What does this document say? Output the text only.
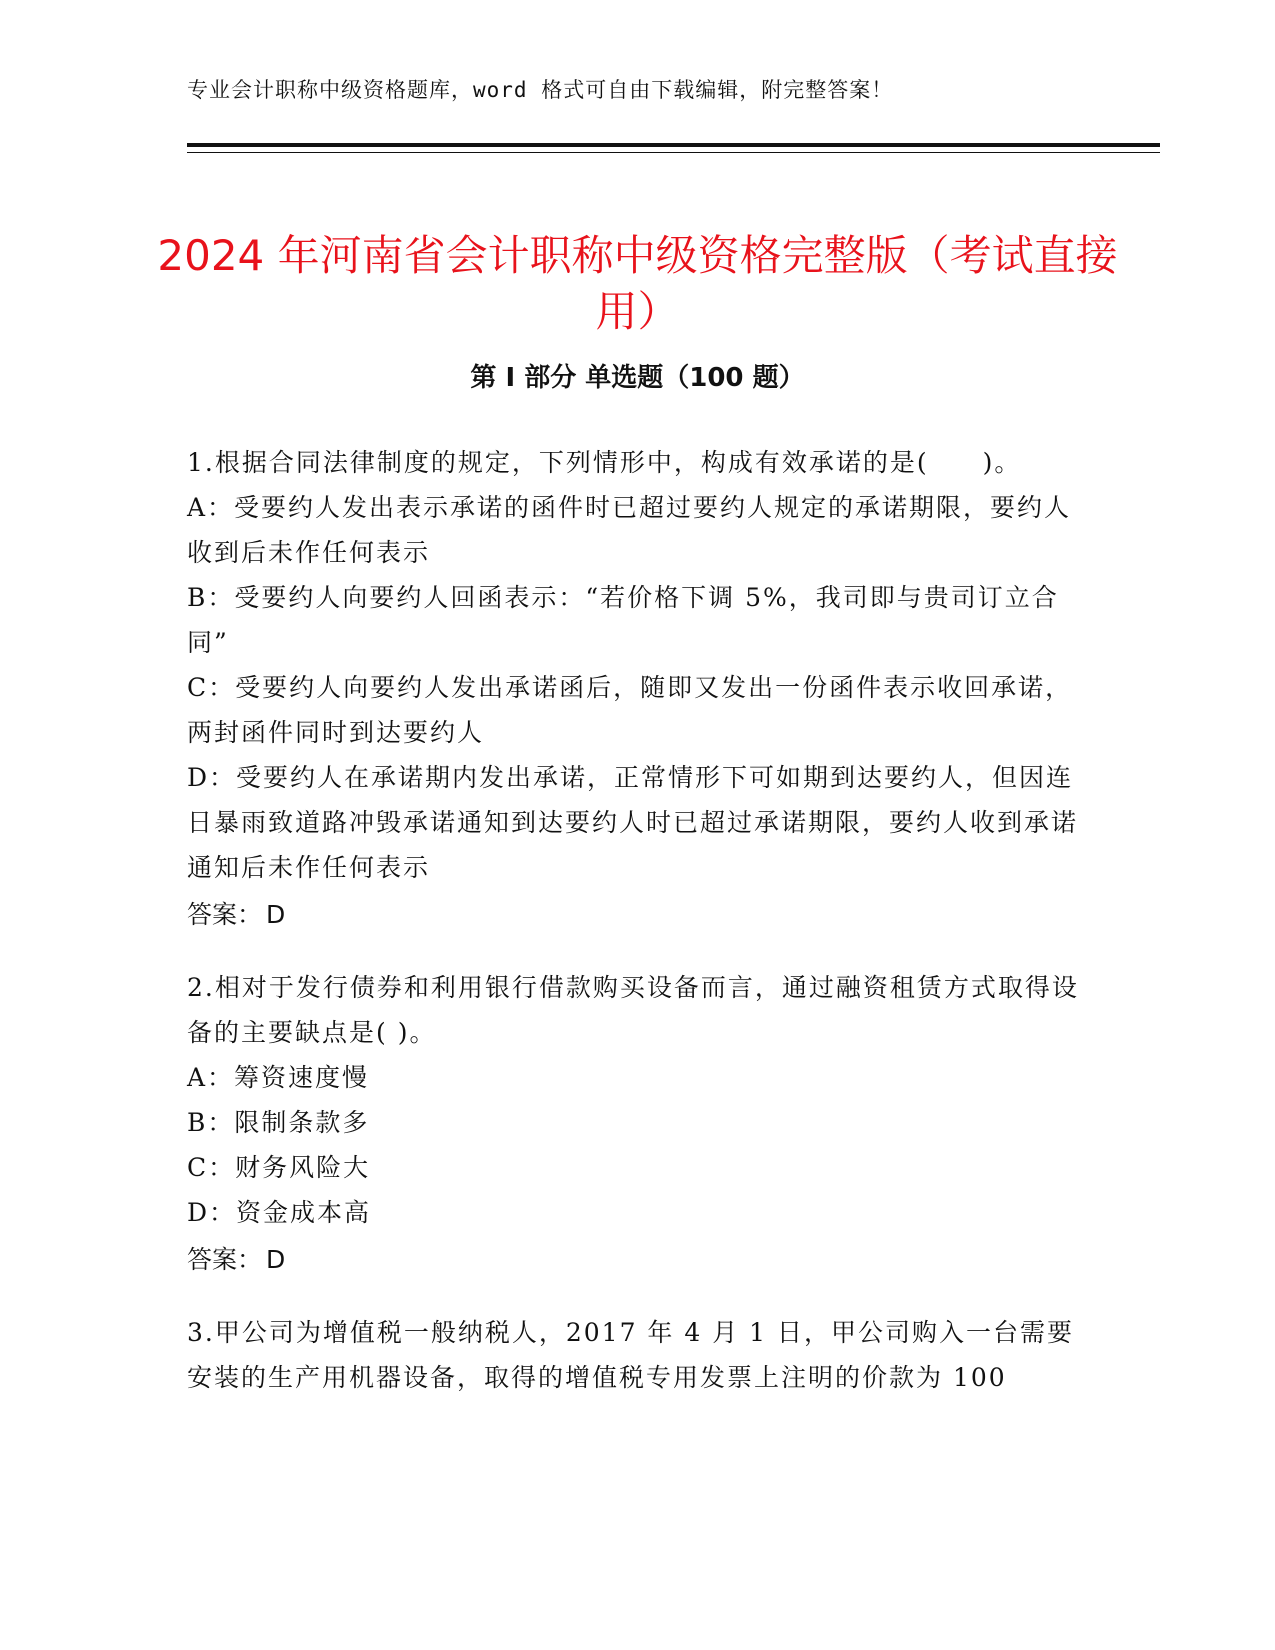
专业会计职称中级资格题库，word 格式可自由下载编辑，附完整答案！
2024 年河南省会计职称中级资格完整版（考试直接用）
第 I 部分 单选题（100 题）
1.根据合同法律制度的规定，下列情形中，构成有效承诺的是(　　)。
A：受要约人发出表示承诺的函件时已超过要约人规定的承诺期限，要约人收到后未作任何表示
B：受要约人向要约人回函表示：“若价格下调 5%，我司即与贵司订立合同”
C：受要约人向要约人发出承诺函后，随即又发出一份函件表示收回承诺，两封函件同时到达要约人
D：受要约人在承诺期内发出承诺，正常情形下可如期到达要约人，但因连日暴雨致道路冲毁承诺通知到达要约人时已超过承诺期限，要约人收到承诺通知后未作任何表示
答案： D
2.相对于发行债券和利用银行借款购买设备而言，通过融资租赁方式取得设备的主要缺点是( )。
A：筹资速度慢
B：限制条款多
C：财务风险大
D：资金成本高
答案： D
3.甲公司为增值税一般纳税人，2017 年 4 月 1 日，甲公司购入一台需要安装的生产用机器设备，取得的增值税专用发票上注明的价款为 100
